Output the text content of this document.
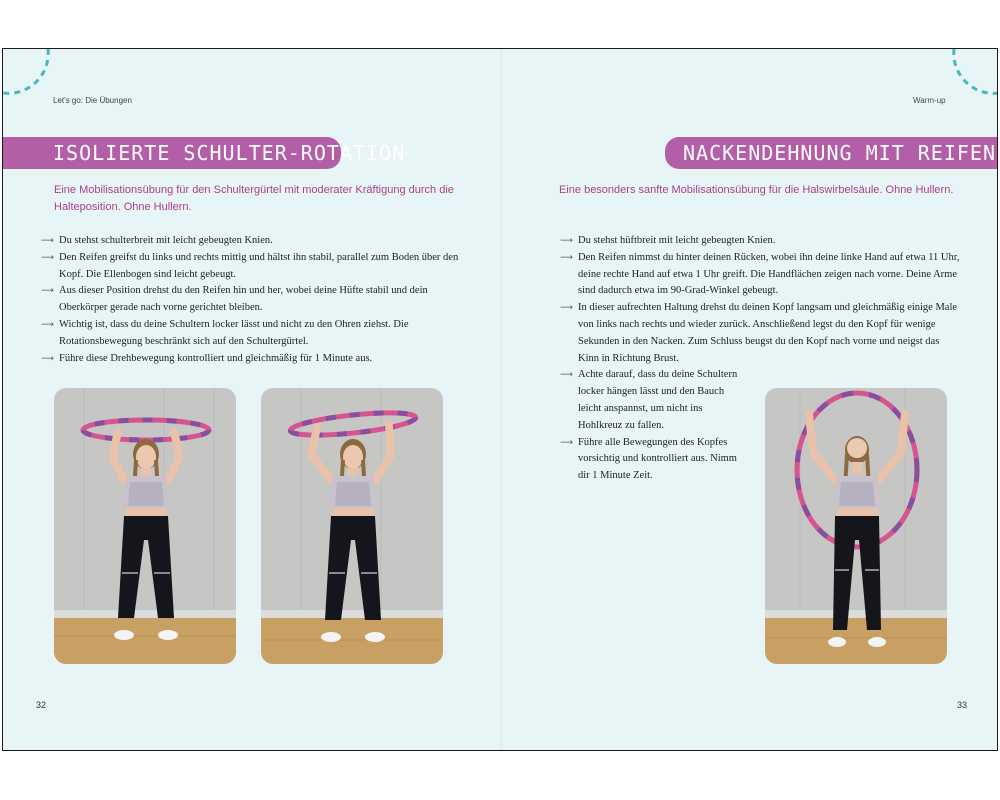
Let's go: Die Übungen
ISOLIERTE SCHULTER-ROTATION
Eine Mobilisationsübung für den Schultergürtel mit moderater Kräftigung durch die Halteposition. Ohne Hullern.
⟶ Du stehst schulterbreit mit leicht gebeugten Knien.
⟶ Den Reifen greifst du links und rechts mittig und hältst ihn stabil, parallel zum Boden über den Kopf. Die Ellenbogen sind leicht gebeugt.
⟶ Aus dieser Position drehst du den Reifen hin und her, wobei deine Hüfte stabil und dein Oberkörper gerade nach vorne gerichtet bleiben.
⟶ Wichtig ist, dass du deine Schultern locker lässt und nicht zu den Ohren ziehst. Die Rotationsbewegung beschränkt sich auf den Schultergürtel.
⟶ Führe diese Drehbewegung kontrolliert und gleichmäßig für 1 Minute aus.
32
Warm-up
NACKENDEHNUNG MIT REIFEN
Eine besonders sanfte Mobilisationsübung für die Halswirbelsäule. Ohne Hullern.
⟶ Du stehst hüftbreit mit leicht gebeugten Knien.
⟶ Den Reifen nimmst du hinter deinen Rücken, wobei ihn deine linke Hand auf etwa 11 Uhr, deine rechte Hand auf etwa 1 Uhr greift. Die Handflächen zeigen nach vorne. Deine Arme sind dadurch etwa im 90-Grad-Winkel gebeugt.
⟶ In dieser aufrechten Haltung drehst du deinen Kopf langsam und gleichmäßig einige Male von links nach rechts und wieder zurück. Anschließend legst du den Kopf für wenige Sekunden in den Nacken. Zum Schluss beugst du den Kopf nach vorne und neigst das Kinn in Richtung Brust.
⟶ Achte darauf, dass du deine Schultern locker hängen lässt und den Bauch leicht anspannst, um nicht ins Hohlkreuz zu fallen.
⟶ Führe alle Bewegungen des Kopfes vorsichtig und kontrolliert aus. Nimm dir 1 Minute Zeit.
33
